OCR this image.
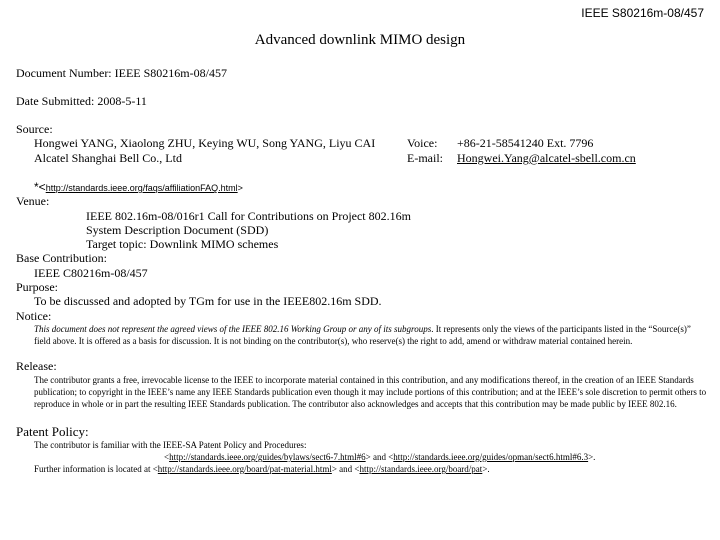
IEEE S80216m-08/457
Advanced downlink MIMO design
Document Number: IEEE S80216m-08/457
Date Submitted: 2008-5-11
Source:
Hongwei YANG, Xiaolong ZHU, Keying WU, Song YANG, Liyu CAI
Alcatel Shanghai Bell Co., Ltd
Voice:
E-mail:
+86-21-58541240 Ext. 7796
Hongwei.Yang@alcatel-sbell.com.cn
*<http://standards.ieee.org/faqs/affiliationFAQ.html>
Venue:
IEEE 802.16m-08/016r1 Call for Contributions on Project 802.16m
System Description Document (SDD)
Target topic: Downlink MIMO schemes
Base Contribution:
IEEE C80216m-08/457
Purpose:
To be discussed and adopted by TGm for use in the IEEE802.16m SDD.
Notice:
This document does not represent the agreed views of the IEEE 802.16 Working Group or any of its subgroups. It represents only the views of the participants listed in the “Source(s)” field above. It is offered as a basis for discussion. It is not binding on the contributor(s), who reserve(s) the right to add, amend or withdraw material contained herein.
Release:
The contributor grants a free, irrevocable license to the IEEE to incorporate material contained in this contribution, and any modifications thereof, in the creation of an IEEE Standards publication; to copyright in the IEEE’s name any IEEE Standards publication even though it may include portions of this contribution; and at the IEEE’s sole discretion to permit others to reproduce in whole or in part the resulting IEEE Standards publication. The contributor also acknowledges and accepts that this contribution may be made public by IEEE 802.16.
Patent Policy:
The contributor is familiar with the IEEE-SA Patent Policy and Procedures:
<http://standards.ieee.org/guides/bylaws/sect6-7.html#6> and <http://standards.ieee.org/guides/opman/sect6.html#6.3>.
Further information is located at <http://standards.ieee.org/board/pat-material.html> and <http://standards.ieee.org/board/pat>.
